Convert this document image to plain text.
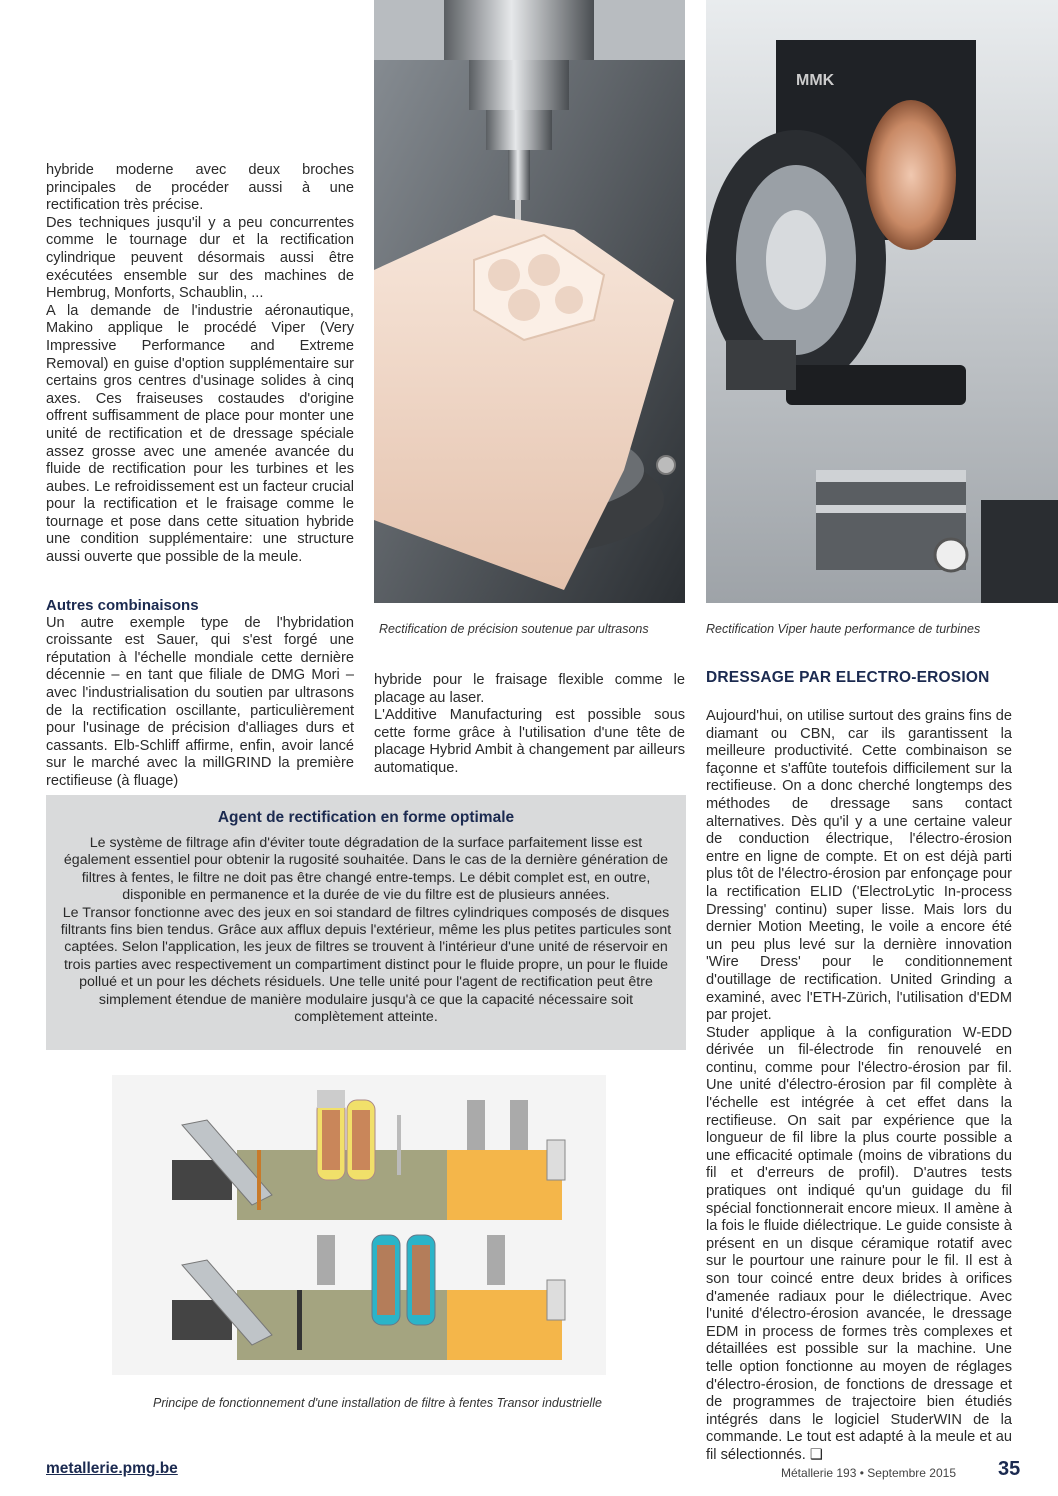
MMK

hybride moderne avec deux broches principales de procéder aussi à une rectification très précise.

Des techniques jusqu'il y a peu concurrentes comme le tournage dur et la rectification cylindrique peuvent désormais aussi être exécutées ensemble sur des machines de Hembrug, Monforts, Schaublin, ...

A la demande de l'industrie aéronautique, Makino applique le procédé Viper (Very Impressive Performance and Extreme Removal) en guise d'option supplémentaire sur certains gros centres d'usinage solides à cinq axes. Ces fraiseuses costaudes d'origine offrent suffisamment de place pour monter une unité de rectification et de dressage spéciale assez grosse avec une amenée avancée du fluide de rectification pour les turbines et les aubes. Le refroidissement est un facteur crucial pour la rectification et le fraisage comme le tournage et pose dans cette situation hybride une condition supplémentaire: une structure aussi ouverte que possible de la meule.

Autres combinaisons

Un autre exemple type de l'hybridation croissante est Sauer, qui s'est forgé une réputation à l'échelle mondiale cette dernière décennie – en tant que filiale de DMG Mori – avec l'industrialisation du soutien par ultrasons de la rectification oscillante, particulièrement pour l'usinage de précision d'alliages durs et cassants. Elb-Schliff affirme, enfin, avoir lancé sur le marché avec la millGRIND la première rectifieuse (à fluage)

Rectification de précision soutenue par ultrasons	Rectification Viper haute performance de turbines

hybride pour le fraisage flexible comme le placage au laser.

L'Additive Manufacturing est possible sous cette forme grâce à l'utilisation d'une tête de placage Hybrid Ambit à changement par ailleurs automatique.

DRESSAGE PAR ELECTRO-EROSION

Aujourd'hui, on utilise surtout des grains fins de diamant ou CBN, car ils garantissent la meilleure productivité. Cette combinaison se façonne et s'affûte toutefois difficilement sur la rectifieuse. On a donc cherché longtemps des méthodes de dressage sans contact alternatives. Dès qu'il y a une certaine valeur de conduction électrique, l'électro-érosion entre en ligne de compte. Et on est déjà parti plus tôt de l'électro-érosion par enfonçage pour la rectification ELID ('ElectroLytic In-process Dressing' continu) super lisse. Mais lors du dernier Motion Meeting, le voile a encore été un peu plus levé sur la dernière innovation 'Wire Dress' pour le conditionnement d'outillage de rectification. United Grinding a examiné, avec l'ETH-Zürich, l'utilisation d'EDM par projet.

Studer applique à la configuration W-EDD dérivée un fil-électrode fin renouvelé en continu, comme pour l'électro-érosion par fil. Une unité d'électro-érosion par fil complète à l'échelle est intégrée à cet effet dans la rectifieuse. On sait par expérience que la longueur de fil libre la plus courte possible a une efficacité optimale (moins de vibrations du fil et d'erreurs de profil). D'autres tests pratiques ont indiqué qu'un guidage du fil spécial fonctionnerait encore mieux. Il amène à la fois le fluide diélectrique. Le guide consiste à présent en un disque céramique rotatif avec sur le pourtour une rainure pour le fil. Il est à son tour coincé entre deux brides à orifices d'amenée radiaux pour le diélectrique. Avec l'unité d'électro-érosion avancée, le dressage EDM in process de formes très complexes et détaillées est possible sur la machine. Une telle option fonctionne au moyen de réglages d'électro-érosion, de fonctions de dressage et de programmes de trajectoire bien étudiés intégrés dans le logiciel StuderWIN de la commande. Le tout est adapté à la meule et au fil sélectionnés. ❑

Agent de rectification en forme optimale

Le système de filtrage afin d'éviter toute dégradation de la surface parfaitement lisse est également essentiel pour obtenir la rugosité souhaitée. Dans le cas de la dernière génération de filtres à fentes, le filtre ne doit pas être changé entre-temps. Le débit complet est, en outre, disponible en permanence et la durée de vie du filtre est de plusieurs années.

Le Transor fonctionne avec des jeux en soi standard de filtres cylindriques composés de disques filtrants fins bien tendus. Grâce aux afflux depuis l'extérieur, même les plus petites particules sont captées. Selon l'application, les jeux de filtres se trouvent à l'intérieur d'une unité de réservoir en trois parties avec respectivement un compartiment distinct pour le fluide propre, un pour le fluide pollué et un pour les déchets résiduels. Une telle unité pour l'agent de rectification peut être simplement étendue de manière modulaire jusqu'à ce que la capacité nécessaire soit complètement atteinte.

Principe de fonctionnement d'une installation de filtre à fentes Transor industrielle
metallerie.pmg.be	Métallerie 193 • Septembre 2015 35
